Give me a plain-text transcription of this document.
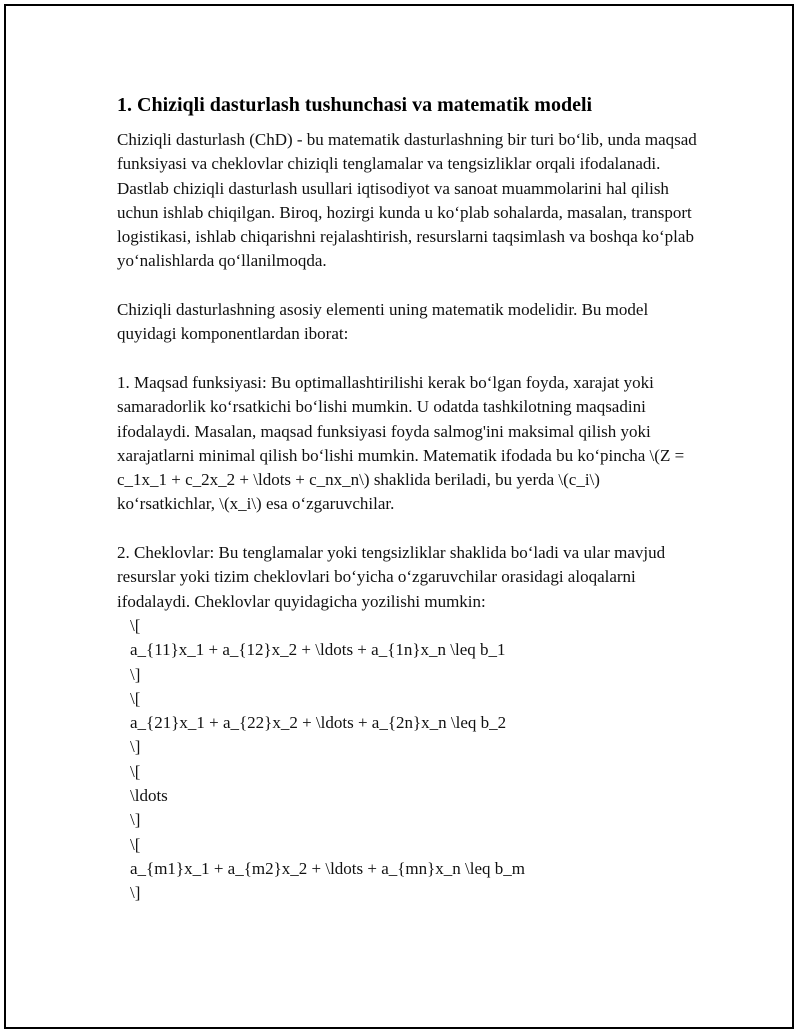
1. Chiziqli dasturlash tushunchasi va matematik modeli

Chiziqli dasturlash (ChD) - bu matematik dasturlashning bir turi bo‘lib, unda maqsad funksiyasi va cheklovlar chiziqli tenglamalar va tengsizliklar orqali ifodalanadi. Dastlab chiziqli dasturlash usullari iqtisodiyot va sanoat muammolarini hal qilish uchun ishlab chiqilgan. Biroq, hozirgi kunda u ko‘plab sohalarda, masalan, transport logistikasi, ishlab chiqarishni rejalashtirish, resurslarni taqsimlash va boshqa ko‘plab yo‘nalishlarda qo‘llanilmoqda.

Chiziqli dasturlashning asosiy elementi uning matematik modelidir. Bu model quyidagi komponentlardan iborat:

1. Maqsad funksiyasi: Bu optimallashtirilishi kerak bo‘lgan foyda, xarajat yoki samaradorlik ko‘rsatkichi bo‘lishi mumkin. U odatda tashkilotning maqsadini ifodalaydi. Masalan, maqsad funksiyasi foyda salmog'ini maksimal qilish yoki xarajatlarni minimal qilish bo‘lishi mumkin. Matematik ifodada bu ko‘pincha \(Z = c_1x_1 + c_2x_2 + \ldots + c_nx_n\) shaklida beriladi, bu yerda \(c_i\) ko‘rsatkichlar, \(x_i\) esa o‘zgaruvchilar.

2. Cheklovlar: Bu tenglamalar yoki tengsizliklar shaklida bo‘ladi va ular mavjud resurslar yoki tizim cheklovlari bo‘yicha o‘zgaruvchilar orasidagi aloqalarni ifodalaydi. Cheklovlar quyidagicha yozilishi mumkin:

\[
a_{11}x_1 + a_{12}x_2 + \ldots + a_{1n}x_n \leq b_1
\]
\[
a_{21}x_1 + a_{22}x_2 + \ldots + a_{2n}x_n \leq b_2
\]
\[
\ldots
\]
\[
a_{m1}x_1 + a_{m2}x_2 + \ldots + a_{mn}x_n \leq b_m
\]
